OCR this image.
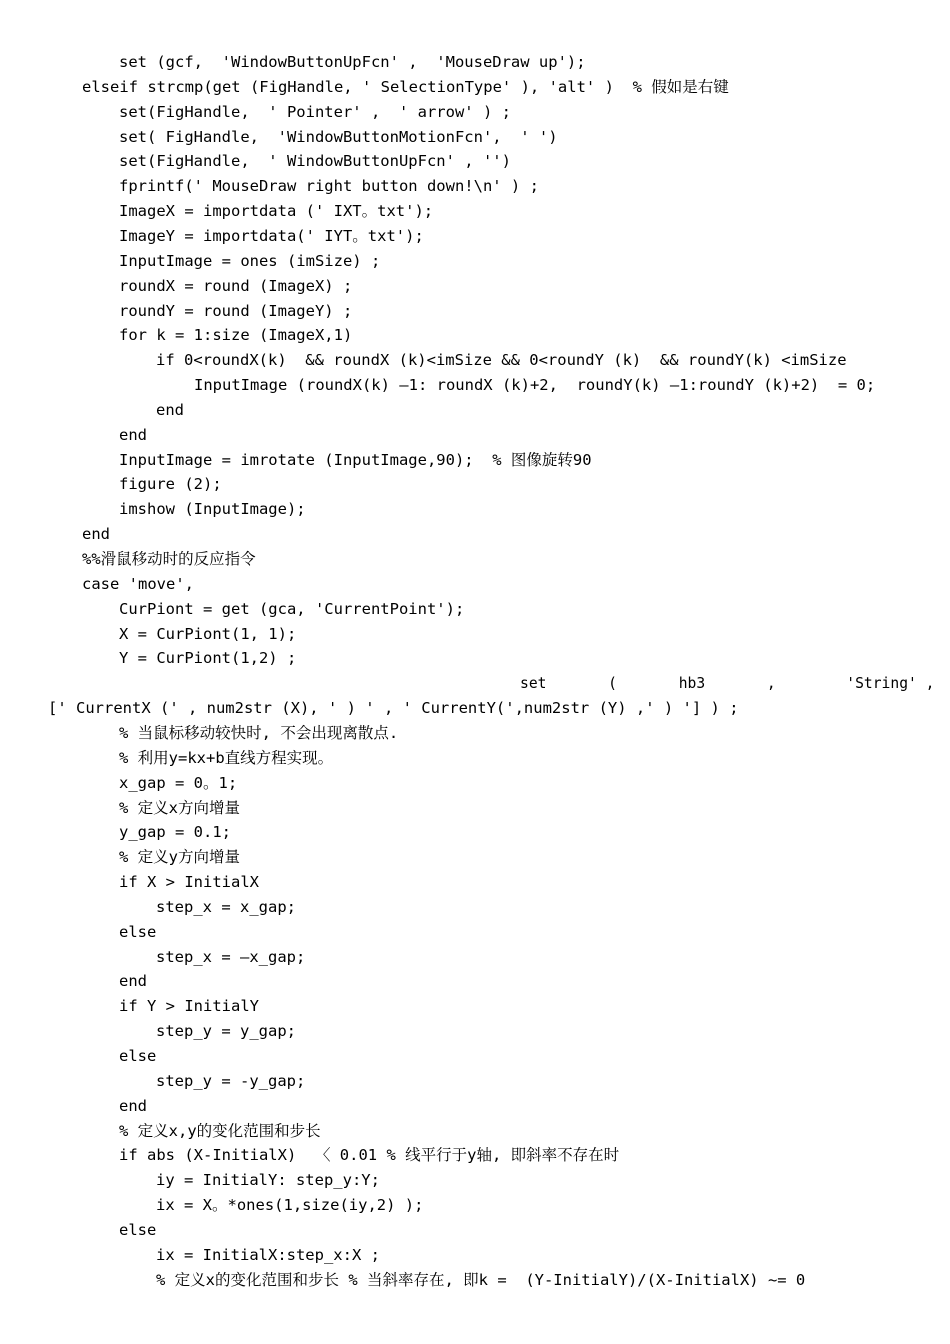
set (gcf,  'WindowButtonUpFcn' ,  'MouseDraw up');
elseif strcmp(get (FigHandle, ' SelectionType' ), 'alt' )  % 假如是右键
set(FigHandle,  ' Pointer' ,  ' arrow' ) ;
set( FigHandle,  'WindowButtonMotionFcn',  ' ')
set(FigHandle,  ' WindowButtonUpFcn' , '')
fprintf(' MouseDraw right button down!\n' ) ;
ImageX = importdata (' IXT。txt');
ImageY = importdata(' IYT。txt');
InputImage = ones (imSize) ;
roundX = round (ImageX) ;
roundY = round (ImageY) ;
for k = 1:size (ImageX,1)
if 0<roundX(k)  && roundX (k)<imSize && 0<roundY (k)  && roundY(k) <imSize
InputImage (roundX(k) —1: roundX (k)+2,  roundY(k) —1:roundY (k)+2)  = 0;
end
end
InputImage = imrotate (InputImage,90);  % 图像旋转90
figure (2);
imshow (InputImage);
end
%%滑鼠移动时的反应指令
case 'move',
CurPiont = get (gca, 'CurrentPoint');
X = CurPiont(1, 1);
Y = CurPiont(1,2) ;
set       (       hb3       ,        'String' ,
[' CurrentX (' , num2str (X), ' ) ' , ' CurrentY(',num2str (Y) ,' ) '] ) ;
% 当鼠标移动较快时, 不会出现离散点.
% 利用y=kx+b直线方程实现。
x_gap = 0。1;
% 定义x方向增量
y_gap = 0.1;
% 定义y方向增量
if X > InitialX
step_x = x_gap;
else
step_x = —x_gap;
end
if Y > InitialY
step_y = y_gap;
else
step_y = -y_gap;
end
% 定义x,y的变化范围和步长
if abs (X-InitialX)  〈 0.01 % 线平行于y轴, 即斜率不存在时
iy = InitialY: step_y:Y;
ix = X。*ones(1,size(iy,2) );
else
ix = InitialX:step_x:X ;
% 定义x的变化范围和步长 % 当斜率存在, 即k =  (Y-InitialY)/(X-InitialX) ~= 0
